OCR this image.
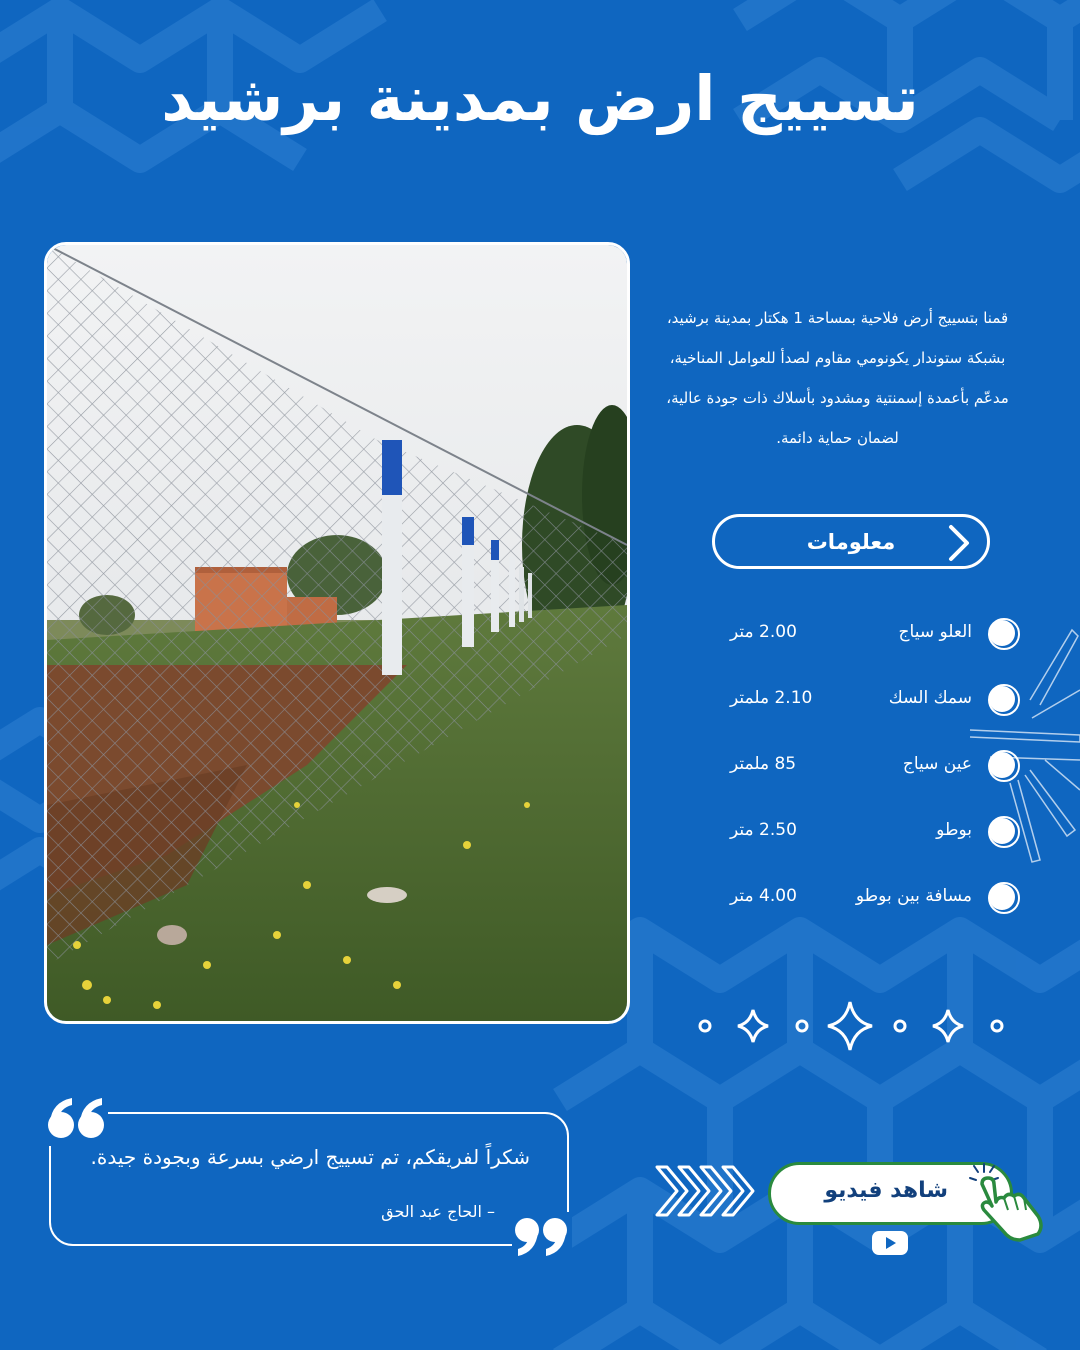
تسييج ارض بمدينة برشيد

قمنا بتسييج أرض فلاحية بمساحة 1 هكتار بمدينة برشيد، بشبكة ستوندار يكونومي مقاوم لصدأ للعوامل المناخية، مدعّم بأعمدة إسمنتية ومشدود بأسلاك ذات جودة عالية، لضمان حماية دائمة.

معلومات
العلو سياج
2.00 متر
سمك السك
2.10 ملمتر
عين سياج
85 ملمتر
بوطو
2.50 متر
مسافة بين بوطو
4.00 متر
شكراً لفريقكم، تم تسييج ارضي بسرعة وبجودة جيدة.
– الحاج عبد الحق
شاهد فيديو
